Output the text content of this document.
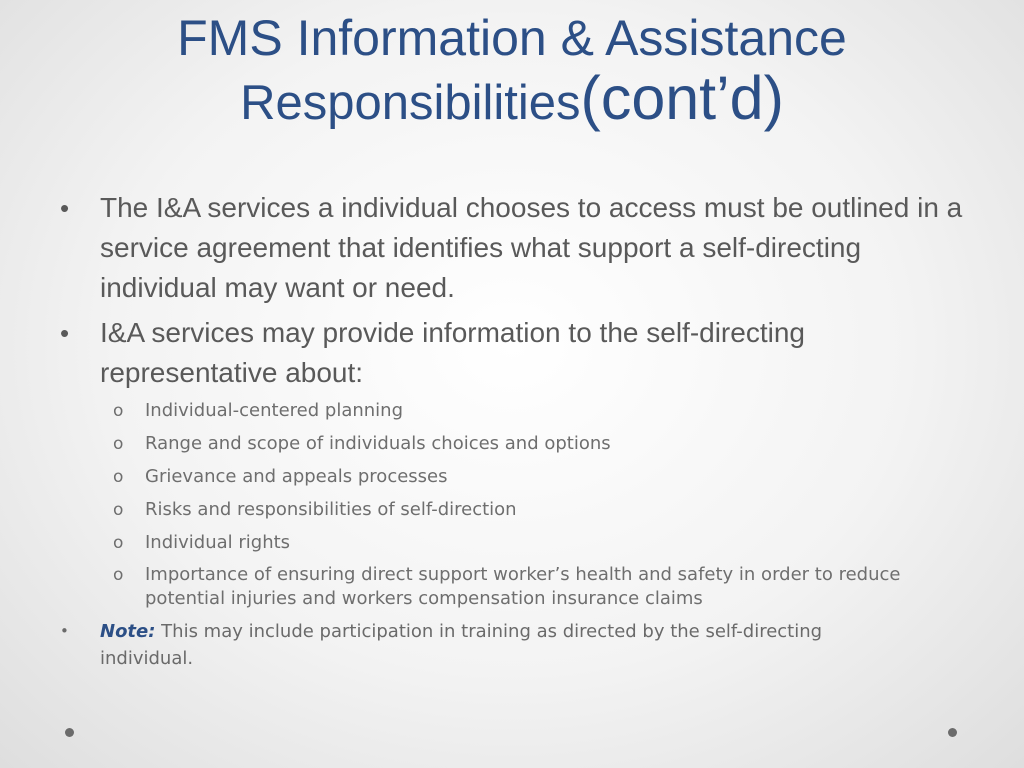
FMS Information & Assistance
Responsibilities(cont’d)
• The I&A services a individual chooses to access must be outlined in a service agreement that identifies what support a self-directing individual may want or need.
• I&A services may provide information to the self-directing representative about:
o Individual-centered planning
o Range and scope of individuals choices and options
o Grievance and appeals processes
o Risks and responsibilities of self-direction
o Individual rights
o Importance of ensuring direct support worker’s health and safety in order to reduce potential injuries and workers compensation insurance claims
• Note: This may include participation in training as directed by the self-directing individual.
